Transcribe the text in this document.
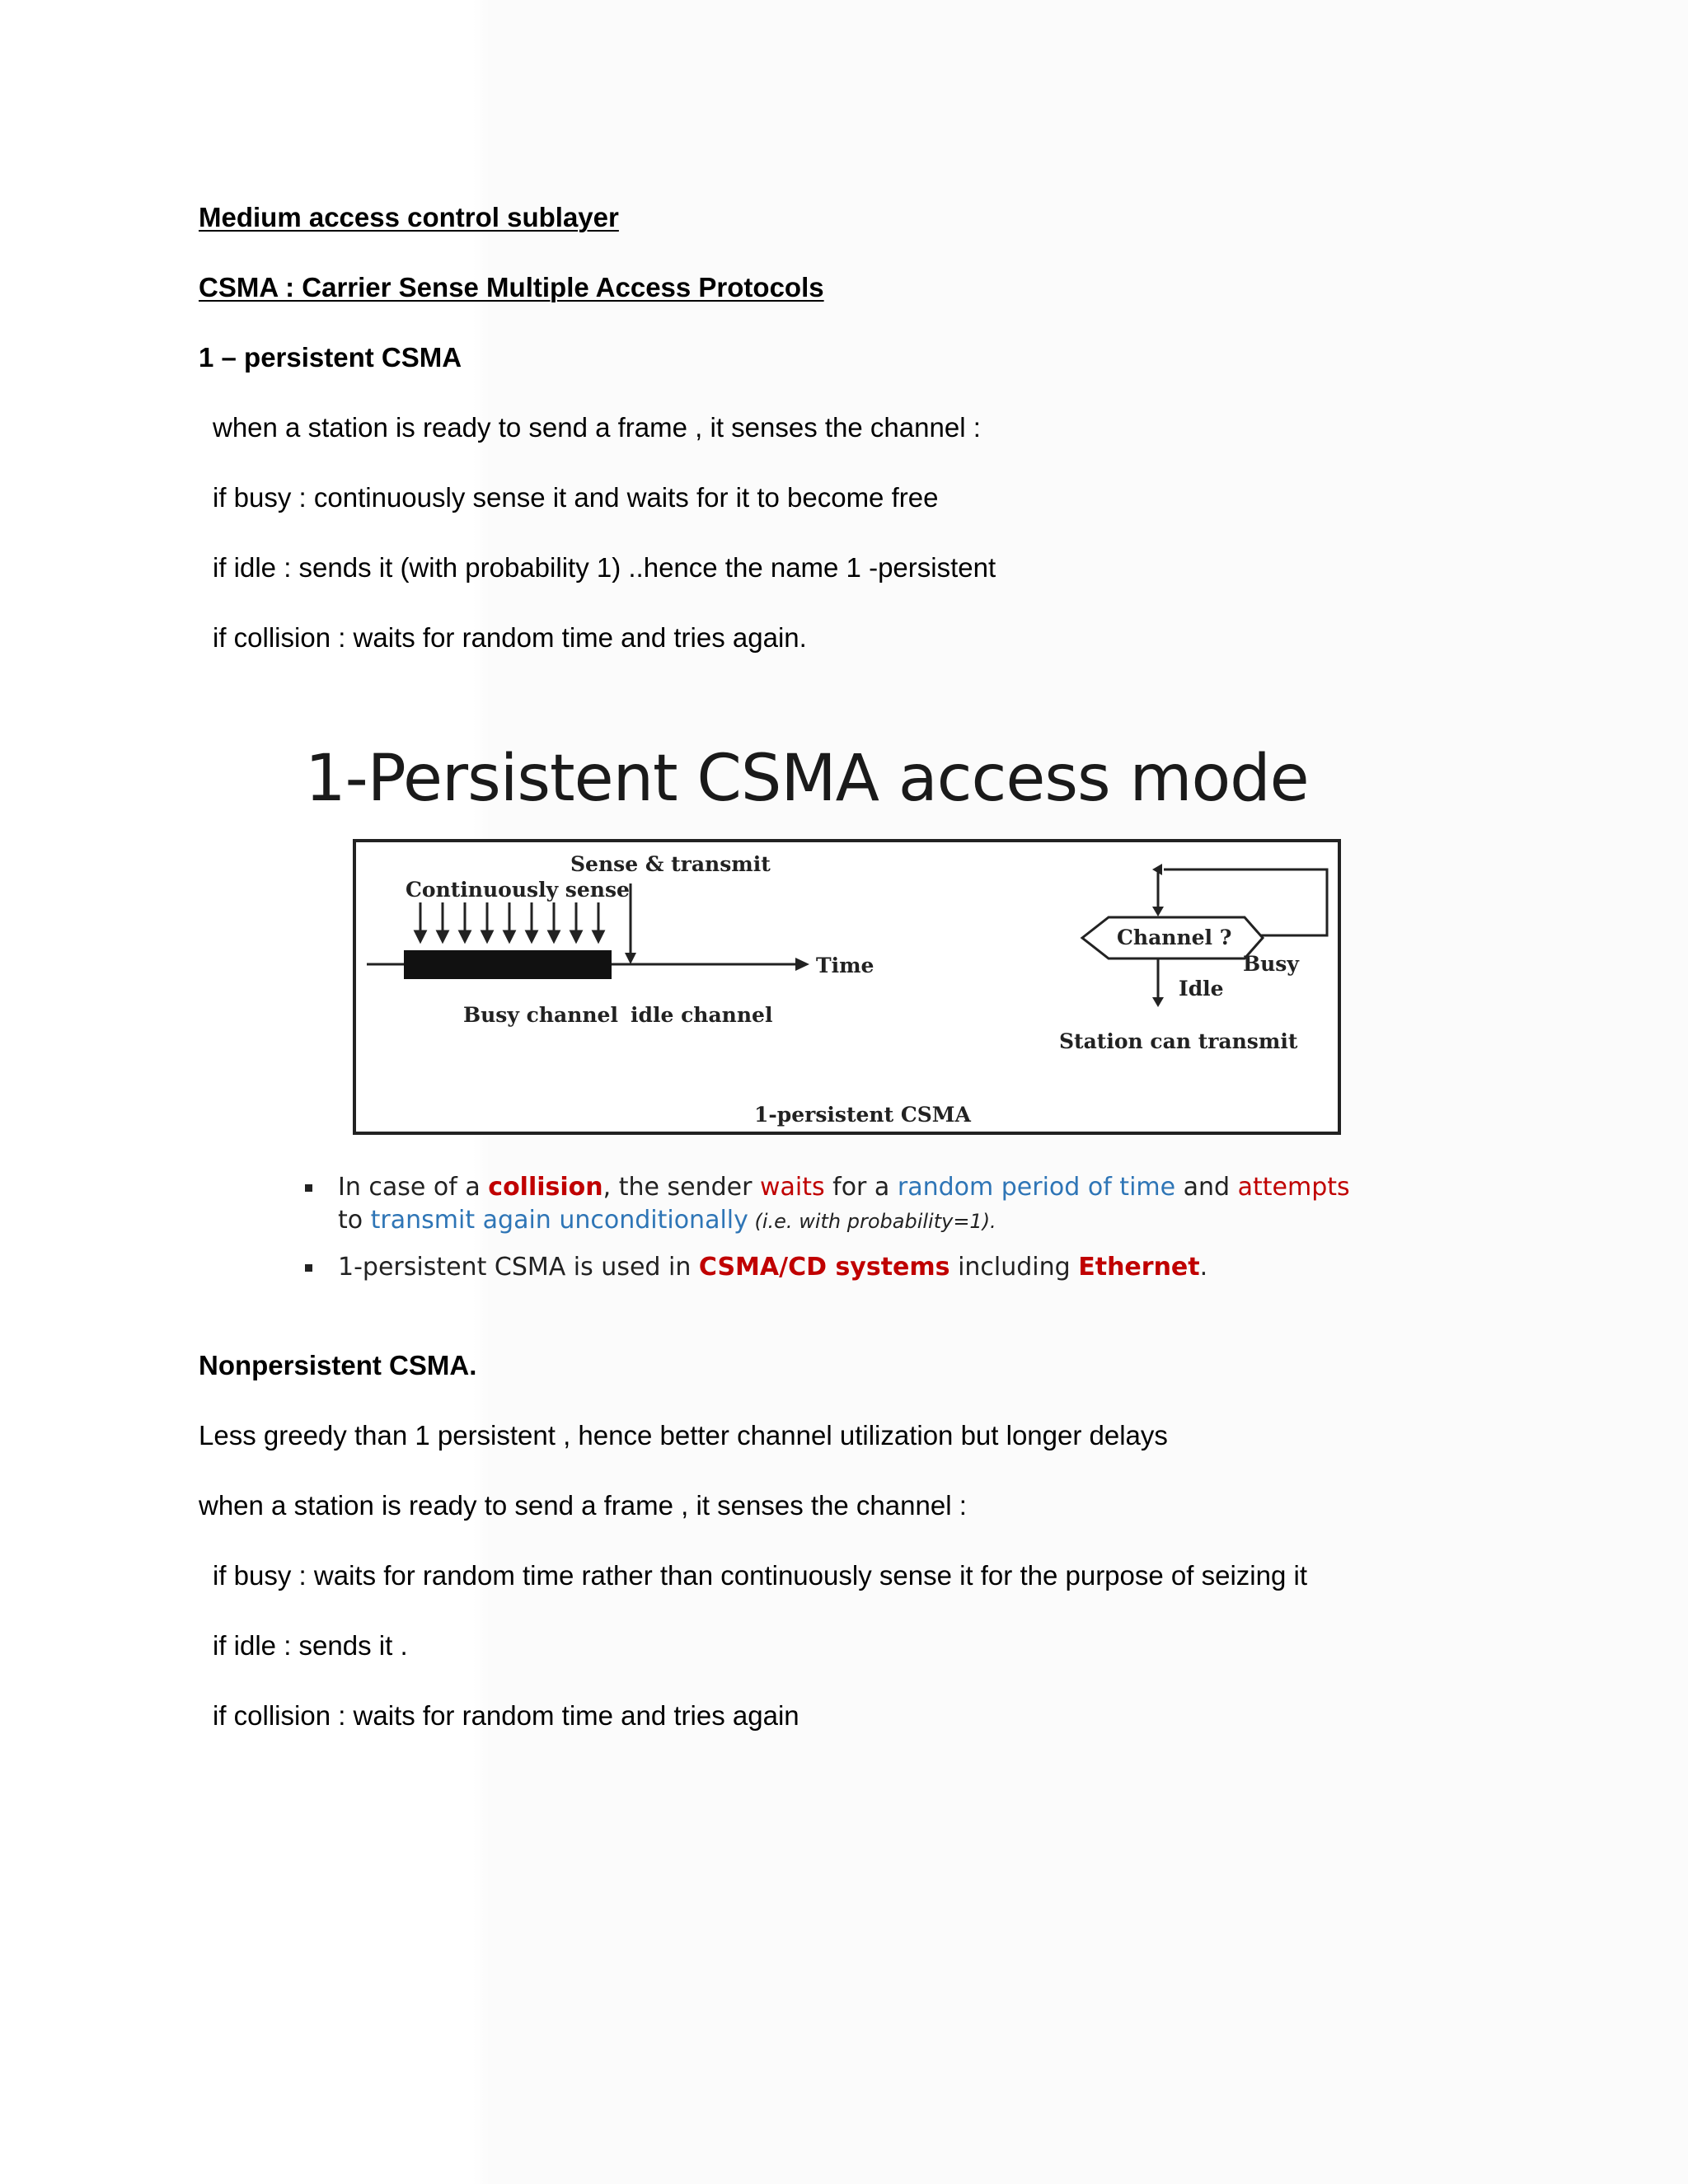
Medium access control sublayer
CSMA : Carrier Sense Multiple Access Protocols
1 – persistent CSMA
when a station is ready to send a frame , it senses the channel :
if busy : continuously sense it and waits for it to become free
if idle : sends it (with probability 1) ..hence the name 1 -persistent
if collision : waits for random time and tries again.
1-Persistent CSMA access mode
Sense & transmit
Continuously sense
Time
Busy channel idle channel
Channel ?
Busy
Idle
Station can transmit
1-persistent CSMA
In case of a collision, the sender waits for a random period of time and attempts
to transmit again unconditionally (i.e. with probability=1).
1-persistent CSMA is used in CSMA/CD systems including Ethernet.
Nonpersistent CSMA.
Less greedy than 1 persistent , hence better channel utilization but longer delays
when a station is ready to send a frame , it senses the channel :
if busy : waits for random time rather than continuously sense it for the purpose of seizing it
if idle : sends it .
if collision : waits for random time and tries again
